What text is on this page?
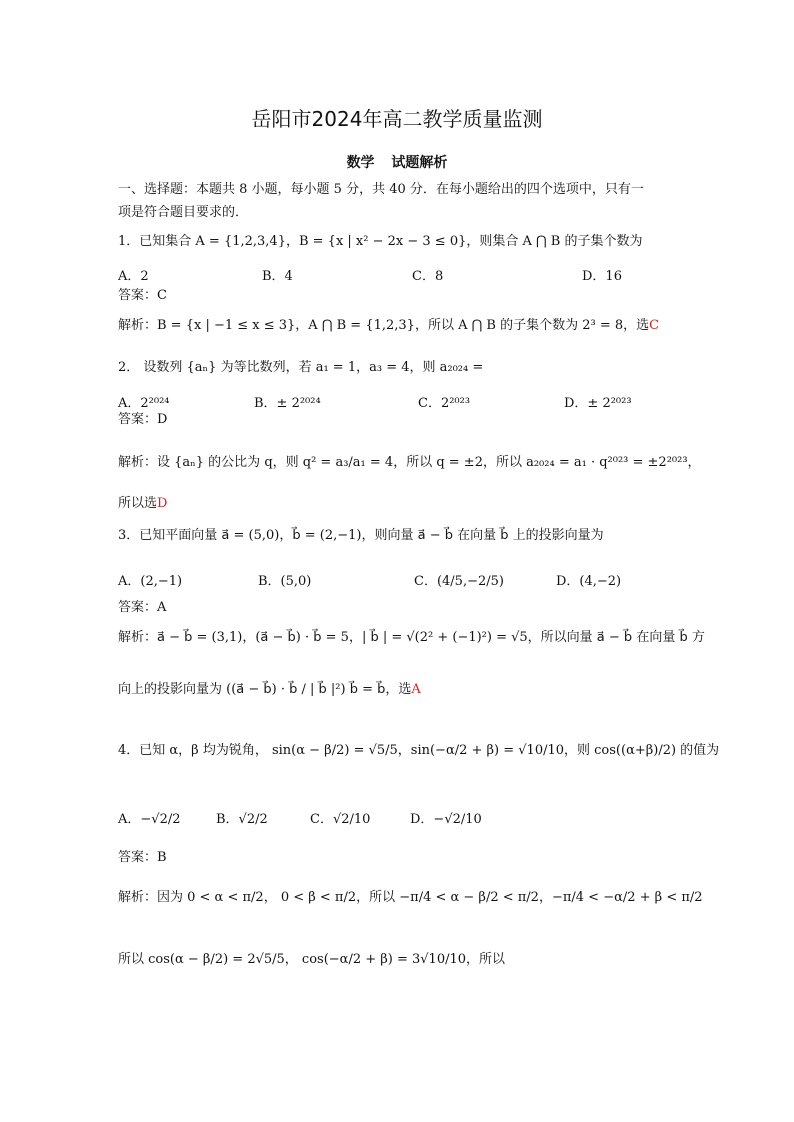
岳阳市2024年高二教学质量监测
数学 试题解析
一、选择题：本题共 8 小题，每小题 5 分，共 40 分．在每小题给出的四个选项中，只有一
项是符合题目要求的．
1．已知集合 A = {1,2,3,4}，B = {x | x² − 2x − 3 ≤ 0}，则集合 A ⋂ B 的子集个数为
A．2	B．4	C．8	D．16
答案：C
解析：B = {x | −1 ≤ x ≤ 3}，A ⋂ B = {1,2,3}，所以 A ⋂ B 的子集个数为 2³ = 8，选C
2． 设数列 {aₙ} 为等比数列，若 a₁ = 1，a₃ = 4，则 a₂₀₂₄ =
A．2²⁰²⁴	B．± 2²⁰²⁴	C．2²⁰²³	D．± 2²⁰²³
答案：D
解析：设 {aₙ} 的公比为 q，则 q² = a₃/a₁ = 4，所以 q = ±2，所以 a₂₀₂₄ = a₁ · q²⁰²³ = ±2²⁰²³，
所以选D
3．已知平面向量 a⃗ = (5,0)，b⃗ = (2,−1)，则向量 a⃗ − b⃗ 在向量 b⃗ 上的投影向量为
A．(2,−1)	B．(5,0)	C．(4/5,−2/5)	D．(4,−2)
答案：A
解析：a⃗ − b⃗ = (3,1)，(a⃗ − b⃗) · b⃗ = 5，| b⃗ | = √(2² + (−1)²) = √5，所以向量 a⃗ − b⃗ 在向量 b⃗ 方
向上的投影向量为 ((a⃗ − b⃗) · b⃗ / | b⃗ |²) b⃗ = b⃗，选A
4．已知 α，β 均为锐角， sin(α − β/2) = √5/5，sin(−α/2 + β) = √10/10，则 cos((α+β)/2) 的值为
A．−√2/2	B．√2/2	C．√2/10	D．−√2/10
答案：B
解析：因为 0 < α < π/2， 0 < β < π/2，所以 −π/4 < α − β/2 < π/2，−π/4 < −α/2 + β < π/2
所以 cos(α − β/2) = 2√5/5， cos(−α/2 + β) = 3√10/10，所以
